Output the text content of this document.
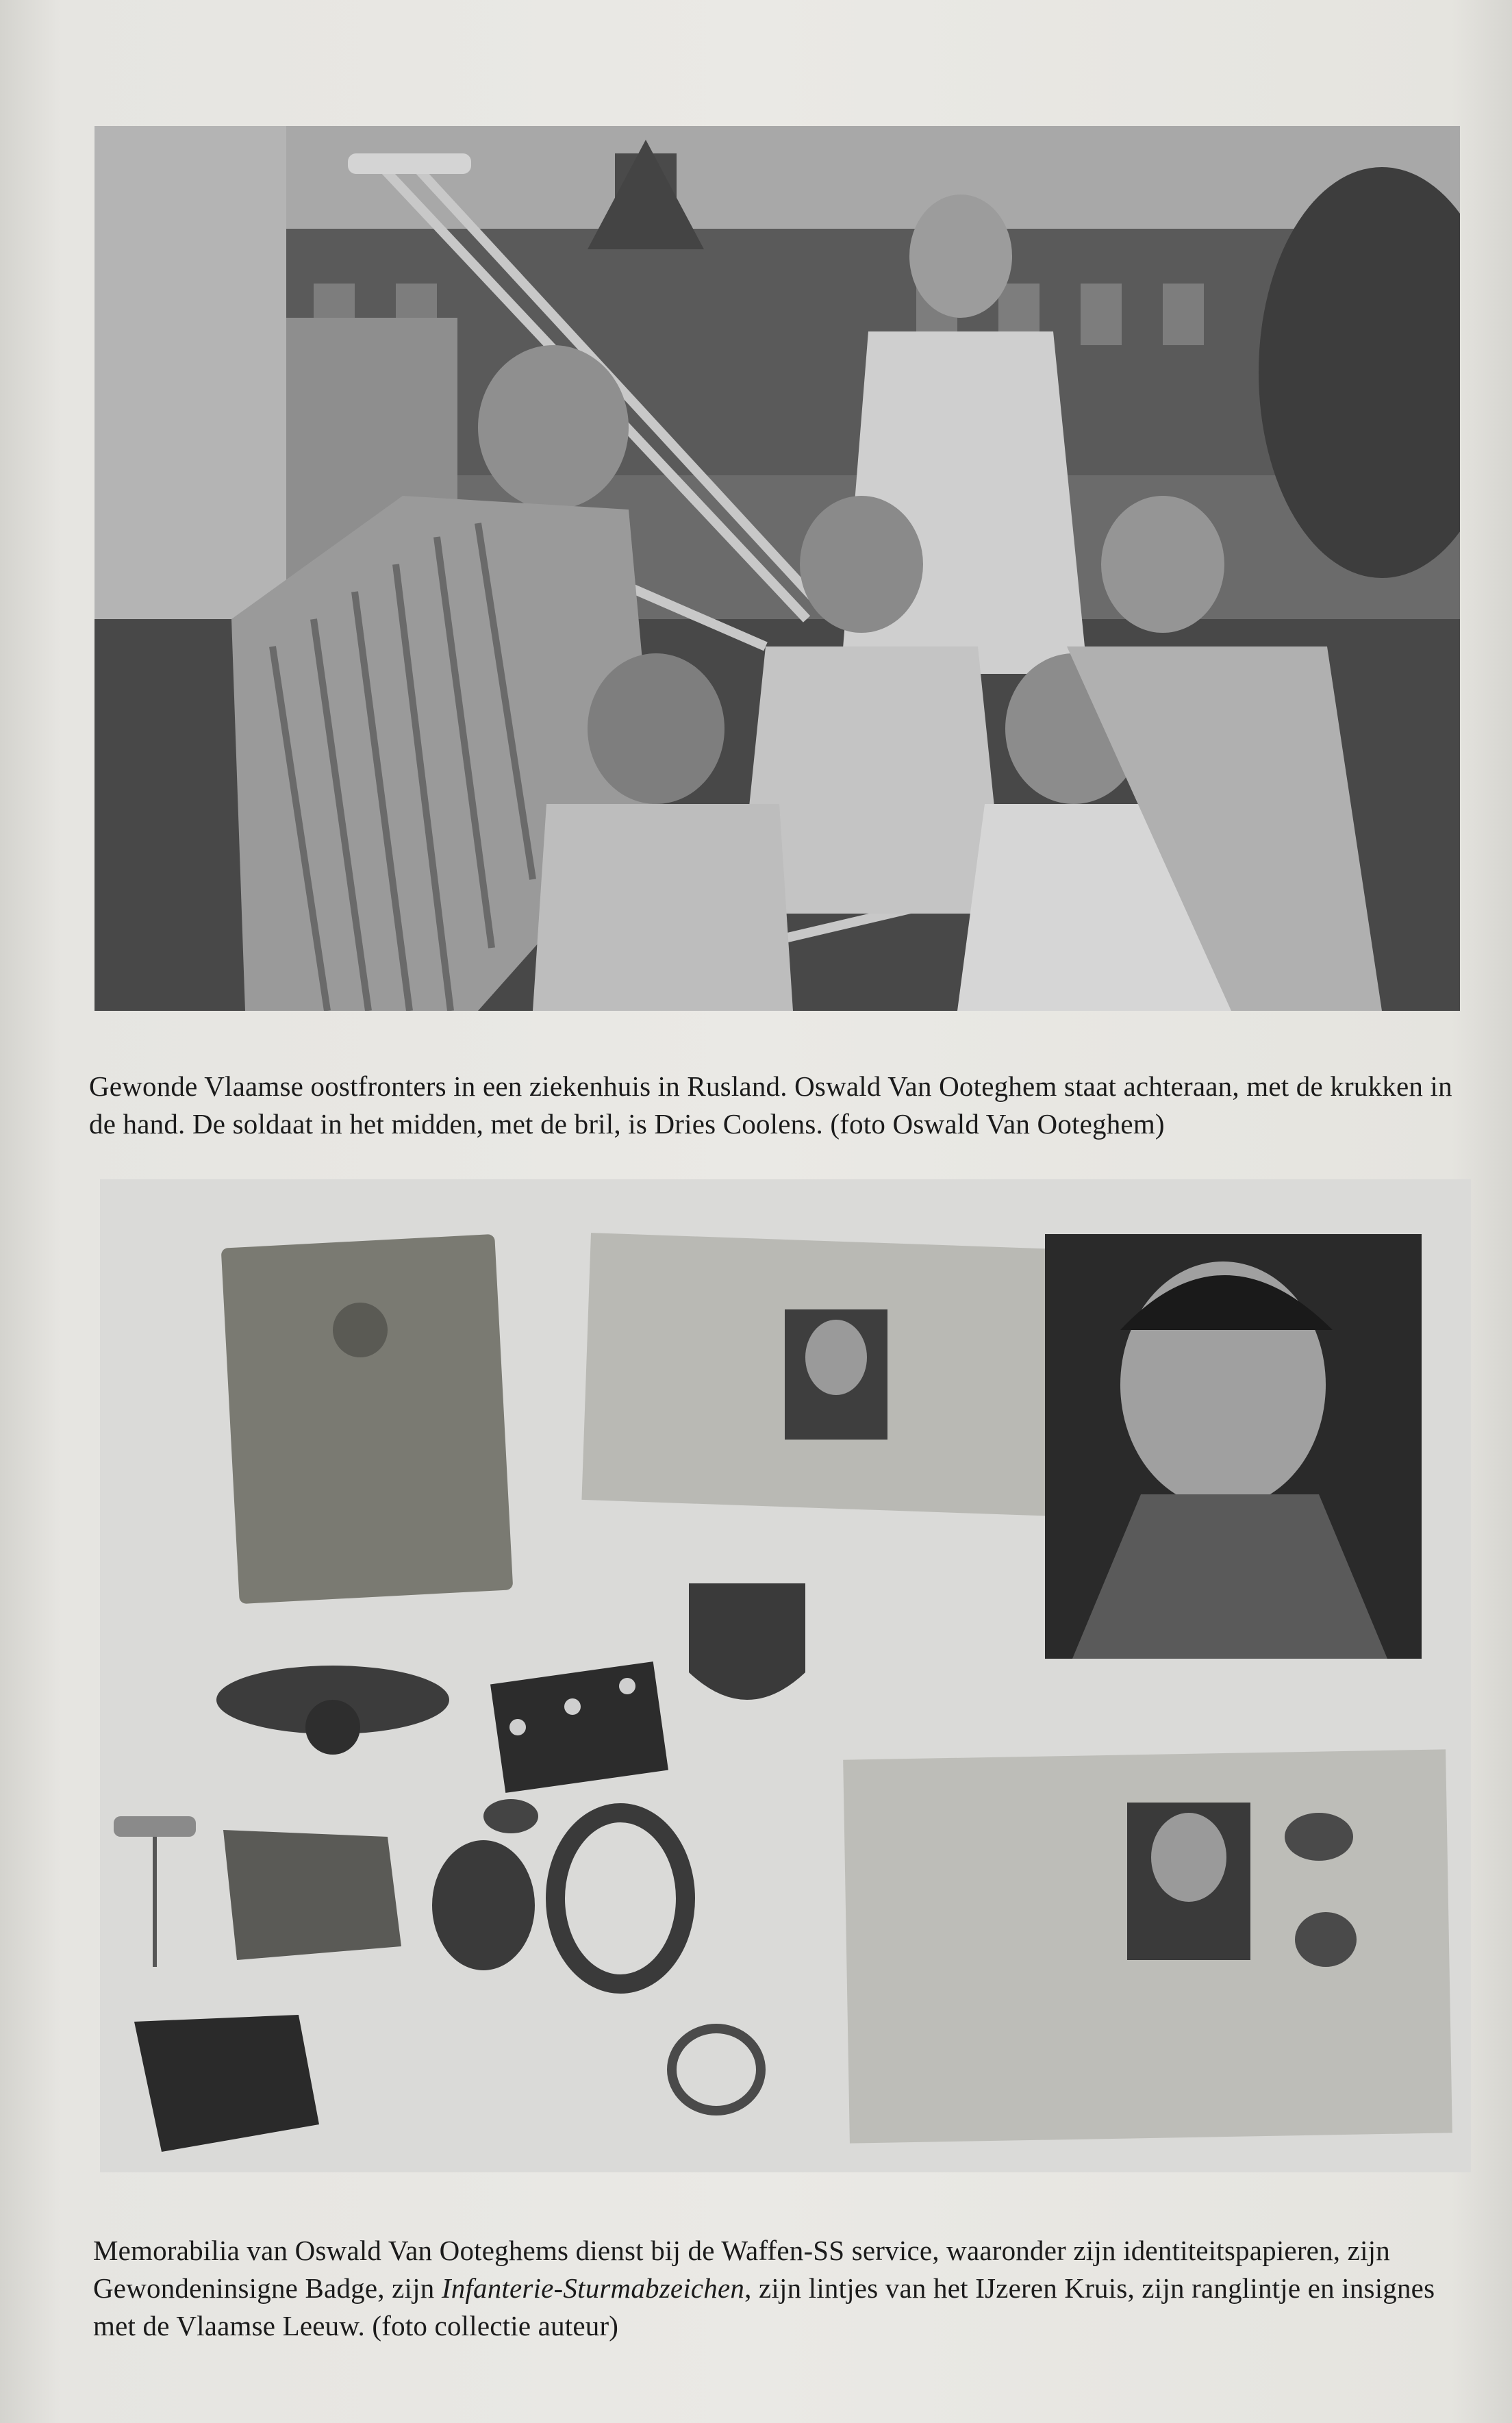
Gewonde Vlaamse oostfronters in een ziekenhuis in Rusland. Oswald Van Ooteghem staat achteraan, met de krukken in de hand. De soldaat in het midden, met de bril, is Dries Coolens. (foto Oswald Van Ooteghem)

Memorabilia van Oswald Van Ooteghems dienst bij de Waffen-SS service, waaronder zijn identiteitspapieren, zijn Gewondeninsigne Badge, zijn Infanterie-Sturmabzeichen, zijn lintjes van het IJzeren Kruis, zijn ranglintje en insignes met de Vlaamse Leeuw. (foto collectie auteur)
